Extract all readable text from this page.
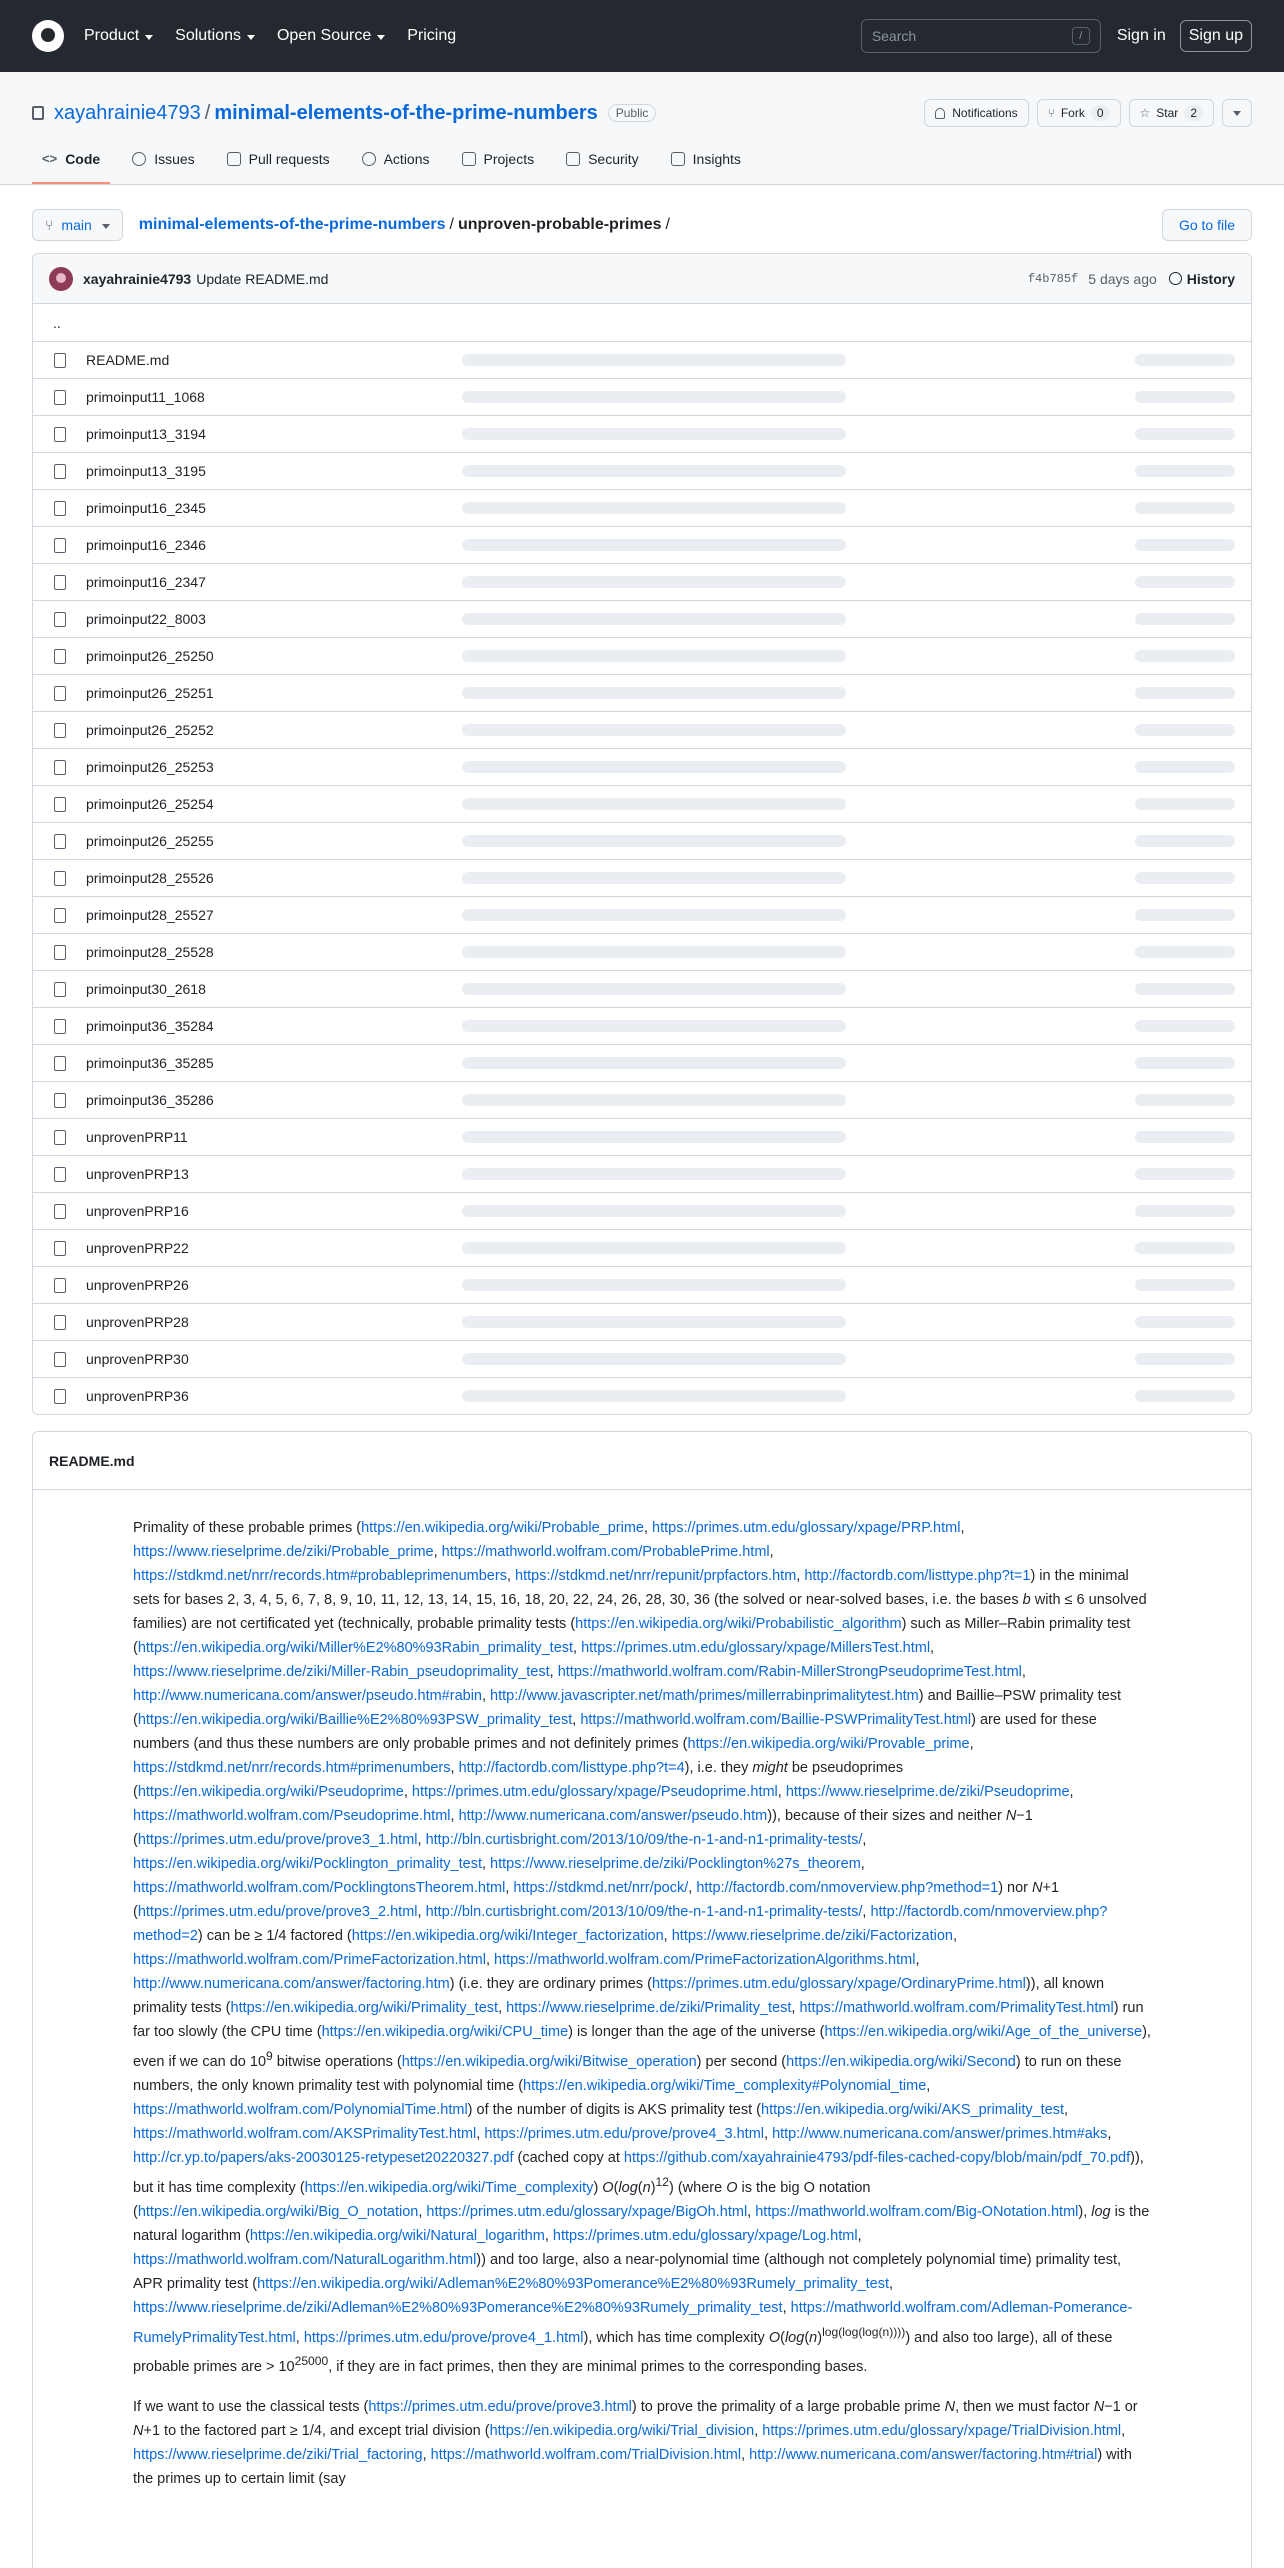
Product Solutions Open Source Pricing
Search	/	Sign in	Sign up
xayahrainie4793 / minimal-elements-of-the-prime-numbers	Public	Notifications	⑂ Fork	0	☆ Star	2
<> Code	Issues	Pull requests	Actions	Projects	Security	Insights
⑂ main	minimal-elements-of-the-prime-numbers / unproven-probable-primes /	Go to file
xayahrainie4793 Update README.md	f4b785f 5 days ago History
..
README.md
primoinput11_1068
primoinput13_3194
primoinput13_3195
primoinput16_2345
primoinput16_2346
primoinput16_2347
primoinput22_8003
primoinput26_25250
primoinput26_25251
primoinput26_25252
primoinput26_25253
primoinput26_25254
primoinput26_25255
primoinput28_25526
primoinput28_25527
primoinput28_25528
primoinput30_2618
primoinput36_35284
primoinput36_35285
primoinput36_35286
unprovenPRP11
unprovenPRP13
unprovenPRP16
unprovenPRP22
unprovenPRP26
unprovenPRP28
unprovenPRP30
unprovenPRP36
README.md

Primality of these probable primes (https://en.wikipedia.org/wiki/Probable_prime, https://primes.utm.edu/glossary/xpage/PRP.html, https://www.rieselprime.de/ziki/Probable_prime, https://mathworld.wolfram.com/ProbablePrime.html, https://stdkmd.net/nrr/records.htm#probableprimenumbers, https://stdkmd.net/nrr/repunit/prpfactors.htm, http://factordb.com/listtype.php?t=1) in the minimal sets for bases 2, 3, 4, 5, 6, 7, 8, 9, 10, 11, 12, 13, 14, 15, 16, 18, 20, 22, 24, 26, 28, 30, 36 (the solved or near-solved bases, i.e. the bases b with ≤ 6 unsolved families) are not certificated yet (technically, probable primality tests (https://en.wikipedia.org/wiki/Probabilistic_algorithm) such as Miller–Rabin primality test (https://en.wikipedia.org/wiki/Miller%E2%80%93Rabin_primality_test, https://primes.utm.edu/glossary/xpage/MillersTest.html, https://www.rieselprime.de/ziki/Miller-Rabin_pseudoprimality_test, https://mathworld.wolfram.com/Rabin-MillerStrongPseudoprimeTest.html, http://www.numericana.com/answer/pseudo.htm#rabin, http://www.javascripter.net/math/primes/millerrabinprimalitytest.htm) and Baillie–PSW primality test (https://en.wikipedia.org/wiki/Baillie%E2%80%93PSW_primality_test, https://mathworld.wolfram.com/Baillie-PSWPrimalityTest.html) are used for these numbers (and thus these numbers are only probable primes and not definitely primes (https://en.wikipedia.org/wiki/Provable_prime, https://stdkmd.net/nrr/records.htm#primenumbers, http://factordb.com/listtype.php?t=4), i.e. they might be pseudoprimes (https://en.wikipedia.org/wiki/Pseudoprime, https://primes.utm.edu/glossary/xpage/Pseudoprime.html, https://www.rieselprime.de/ziki/Pseudoprime, https://mathworld.wolfram.com/Pseudoprime.html, http://www.numericana.com/answer/pseudo.htm)), because of their sizes and neither N−1 (https://primes.utm.edu/prove/prove3_1.html, http://bln.curtisbright.com/2013/10/09/the-n-1-and-n1-primality-tests/, https://en.wikipedia.org/wiki/Pocklington_primality_test, https://www.rieselprime.de/ziki/Pocklington%27s_theorem, https://mathworld.wolfram.com/PocklingtonsTheorem.html, https://stdkmd.net/nrr/pock/, http://factordb.com/nmoverview.php?method=1) nor N+1 (https://primes.utm.edu/prove/prove3_2.html, http://bln.curtisbright.com/2013/10/09/the-n-1-and-n1-primality-tests/, http://factordb.com/nmoverview.php?method=2) can be ≥ 1/4 factored (https://en.wikipedia.org/wiki/Integer_factorization, https://www.rieselprime.de/ziki/Factorization, https://mathworld.wolfram.com/PrimeFactorization.html, https://mathworld.wolfram.com/PrimeFactorizationAlgorithms.html, http://www.numericana.com/answer/factoring.htm) (i.e. they are ordinary primes (https://primes.utm.edu/glossary/xpage/OrdinaryPrime.html)), all known primality tests (https://en.wikipedia.org/wiki/Primality_test, https://www.rieselprime.de/ziki/Primality_test, https://mathworld.wolfram.com/PrimalityTest.html) run far too slowly (the CPU time (https://en.wikipedia.org/wiki/CPU_time) is longer than the age of the universe (https://en.wikipedia.org/wiki/Age_of_the_universe), even if we can do $10^9$ bitwise operations (https://en.wikipedia.org/wiki/Bitwise_operation) per second (https://en.wikipedia.org/wiki/Second) to run on these numbers, the only known primality test with polynomial time (https://en.wikipedia.org/wiki/Time_complexity#Polynomial_time, https://mathworld.wolfram.com/PolynomialTime.html) of the number of digits is AKS primality test (https://en.wikipedia.org/wiki/AKS_primality_test, https://mathworld.wolfram.com/AKSPrimalityTest.html, https://primes.utm.edu/prove/prove4_3.html, http://www.numericana.com/answer/primes.htm#aks, http://cr.yp.to/papers/aks-20030125-retypeset20220327.pdf (cached copy at https://github.com/xayahrainie4793/pdf-files-cached-copy/blob/main/pdf_70.pdf)), but it has time complexity (https://en.wikipedia.org/wiki/Time_complexity) $O(\log(n)^{12})$ (where O is the big O notation (https://en.wikipedia.org/wiki/Big_O_notation, https://primes.utm.edu/glossary/xpage/BigOh.html, https://mathworld.wolfram.com/Big-ONotation.html), log is the natural logarithm (https://en.wikipedia.org/wiki/Natural_logarithm, https://primes.utm.edu/glossary/xpage/Log.html, https://mathworld.wolfram.com/NaturalLogarithm.html)) and too large, also a near-polynomial time (although not completely polynomial time) primality test, APR primality test (https://en.wikipedia.org/wiki/Adleman%E2%80%93Pomerance%E2%80%93Rumely_primality_test, https://www.rieselprime.de/ziki/Adleman%E2%80%93Pomerance%E2%80%93Rumely_primality_test, https://mathworld.wolfram.com/Adleman-Pomerance-RumelyPrimalityTest.html, https://primes.utm.edu/prove/prove4_1.html), which has time complexity $O(\log(n)^{log(log(log(n))))})$ and also too large), all of these probable primes are > $10^{25000}$, if they are in fact primes, then they are minimal primes to the corresponding bases.

If we want to use the classical tests (https://primes.utm.edu/prove/prove3.html) to prove the primality of a large probable prime N, then we must factor N−1 or N+1 to the factored part ≥ 1/4, and except trial division (https://en.wikipedia.org/wiki/Trial_division, https://primes.utm.edu/glossary/xpage/TrialDivision.html, https://www.rieselprime.de/ziki/Trial_factoring, https://mathworld.wolfram.com/TrialDivision.html, http://www.numericana.com/answer/factoring.htm#trial) with the primes up to certain limit (say
